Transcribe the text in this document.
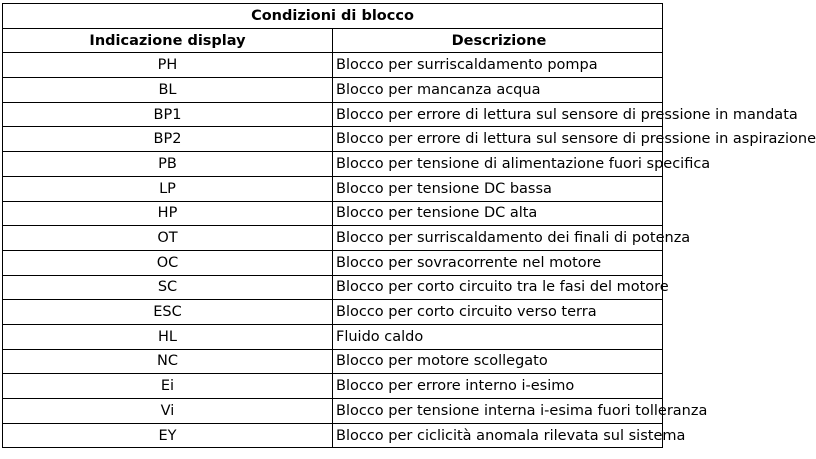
Condizioni di blocco	
Indicazione display	Descrizione
PH	Blocco per surriscaldamento pompa
BL	Blocco per mancanza acqua
BP1	Blocco per errore di lettura sul sensore di pressione in mandata
BP2	Blocco per errore di lettura sul sensore di pressione in aspirazione
PB	Blocco per tensione di alimentazione fuori specifica
LP	Blocco per tensione DC bassa
HP	Blocco per tensione DC alta
OT	Blocco per surriscaldamento dei finali di potenza
OC	Blocco per sovracorrente nel motore
SC	Blocco per corto circuito tra le fasi del motore
ESC	Blocco per corto circuito verso terra
HL	Fluido caldo
NC	Blocco per motore scollegato
Ei	Blocco per errore interno i-esimo
Vi	Blocco per tensione interna i-esima fuori tolleranza
EY	Blocco per ciclicità anomala rilevata sul sistema
